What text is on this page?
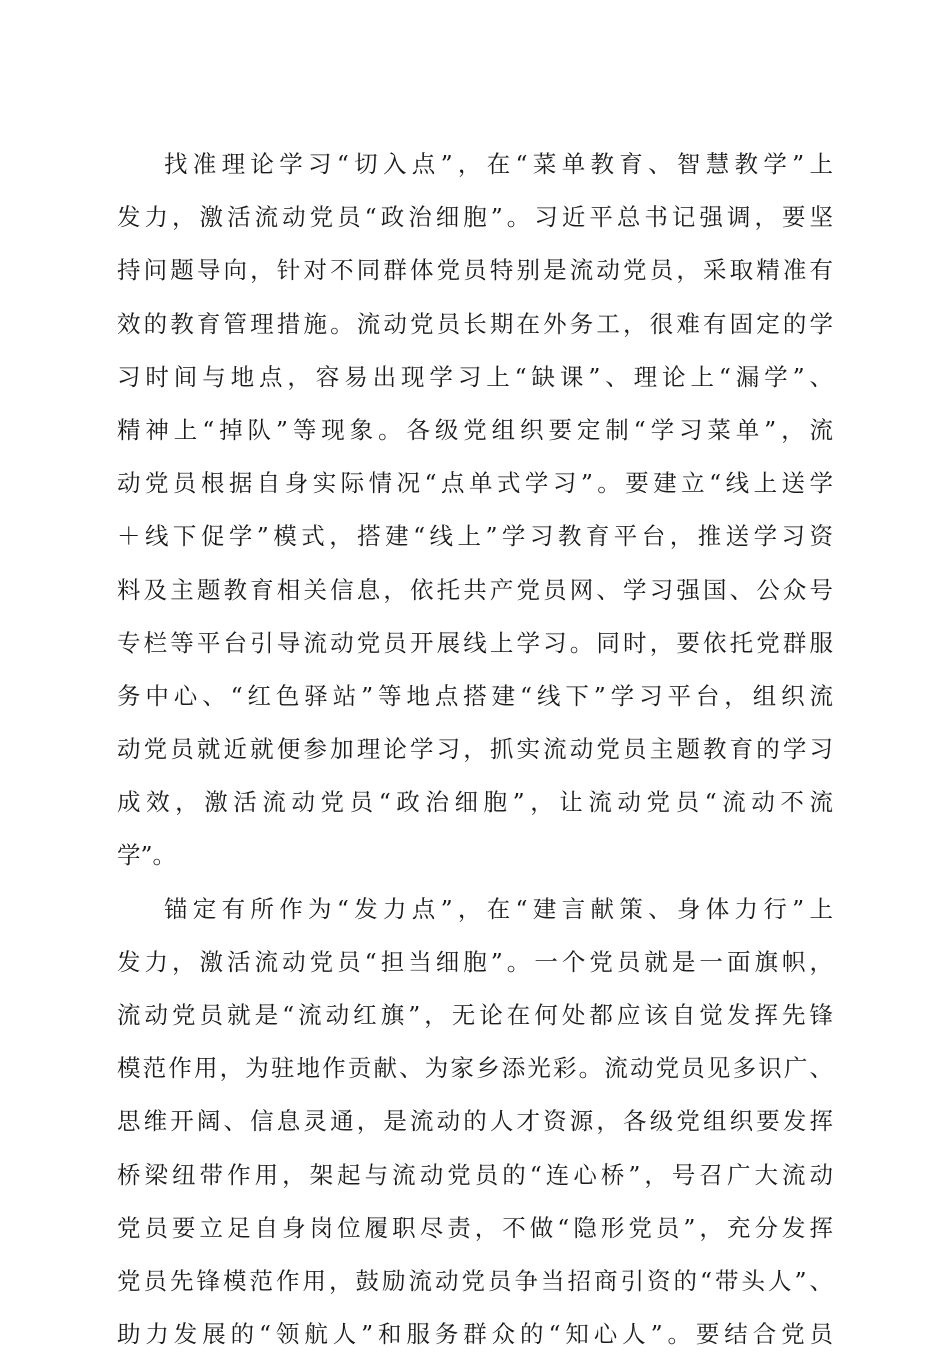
找准理论学习“切入点”，在“菜单教育、智慧教学”上
发力，激活流动党员“政治细胞”。习近平总书记强调，要坚
持问题导向，针对不同群体党员特别是流动党员，采取精准有
效的教育管理措施。流动党员长期在外务工，很难有固定的学
习时间与地点，容易出现学习上“缺课”、理论上“漏学”、
精神上“掉队”等现象。各级党组织要定制“学习菜单”，流
动党员根据自身实际情况“点单式学习”。要建立“线上送学
＋线下促学”模式，搭建“线上”学习教育平台，推送学习资
料及主题教育相关信息，依托共产党员网、学习强国、公众号
专栏等平台引导流动党员开展线上学习。同时，要依托党群服
务中心、“红色驿站”等地点搭建“线下”学习平台，组织流
动党员就近就便参加理论学习，抓实流动党员主题教育的学习
成效，激活流动党员“政治细胞”，让流动党员“流动不流
学”。
锚定有所作为“发力点”，在“建言献策、身体力行”上
发力，激活流动党员“担当细胞”。一个党员就是一面旗帜，
流动党员就是“流动红旗”，无论在何处都应该自觉发挥先锋
模范作用，为驻地作贡献、为家乡添光彩。流动党员见多识广、
思维开阔、信息灵通，是流动的人才资源，各级党组织要发挥
桥梁纽带作用，架起与流动党员的“连心桥”，号召广大流动
党员要立足自身岗位履职尽责，不做“隐形党员”，充分发挥
党员先锋模范作用，鼓励流动党员争当招商引资的“带头人”、
助力发展的“领航人”和服务群众的“知心人”。要结合党员
